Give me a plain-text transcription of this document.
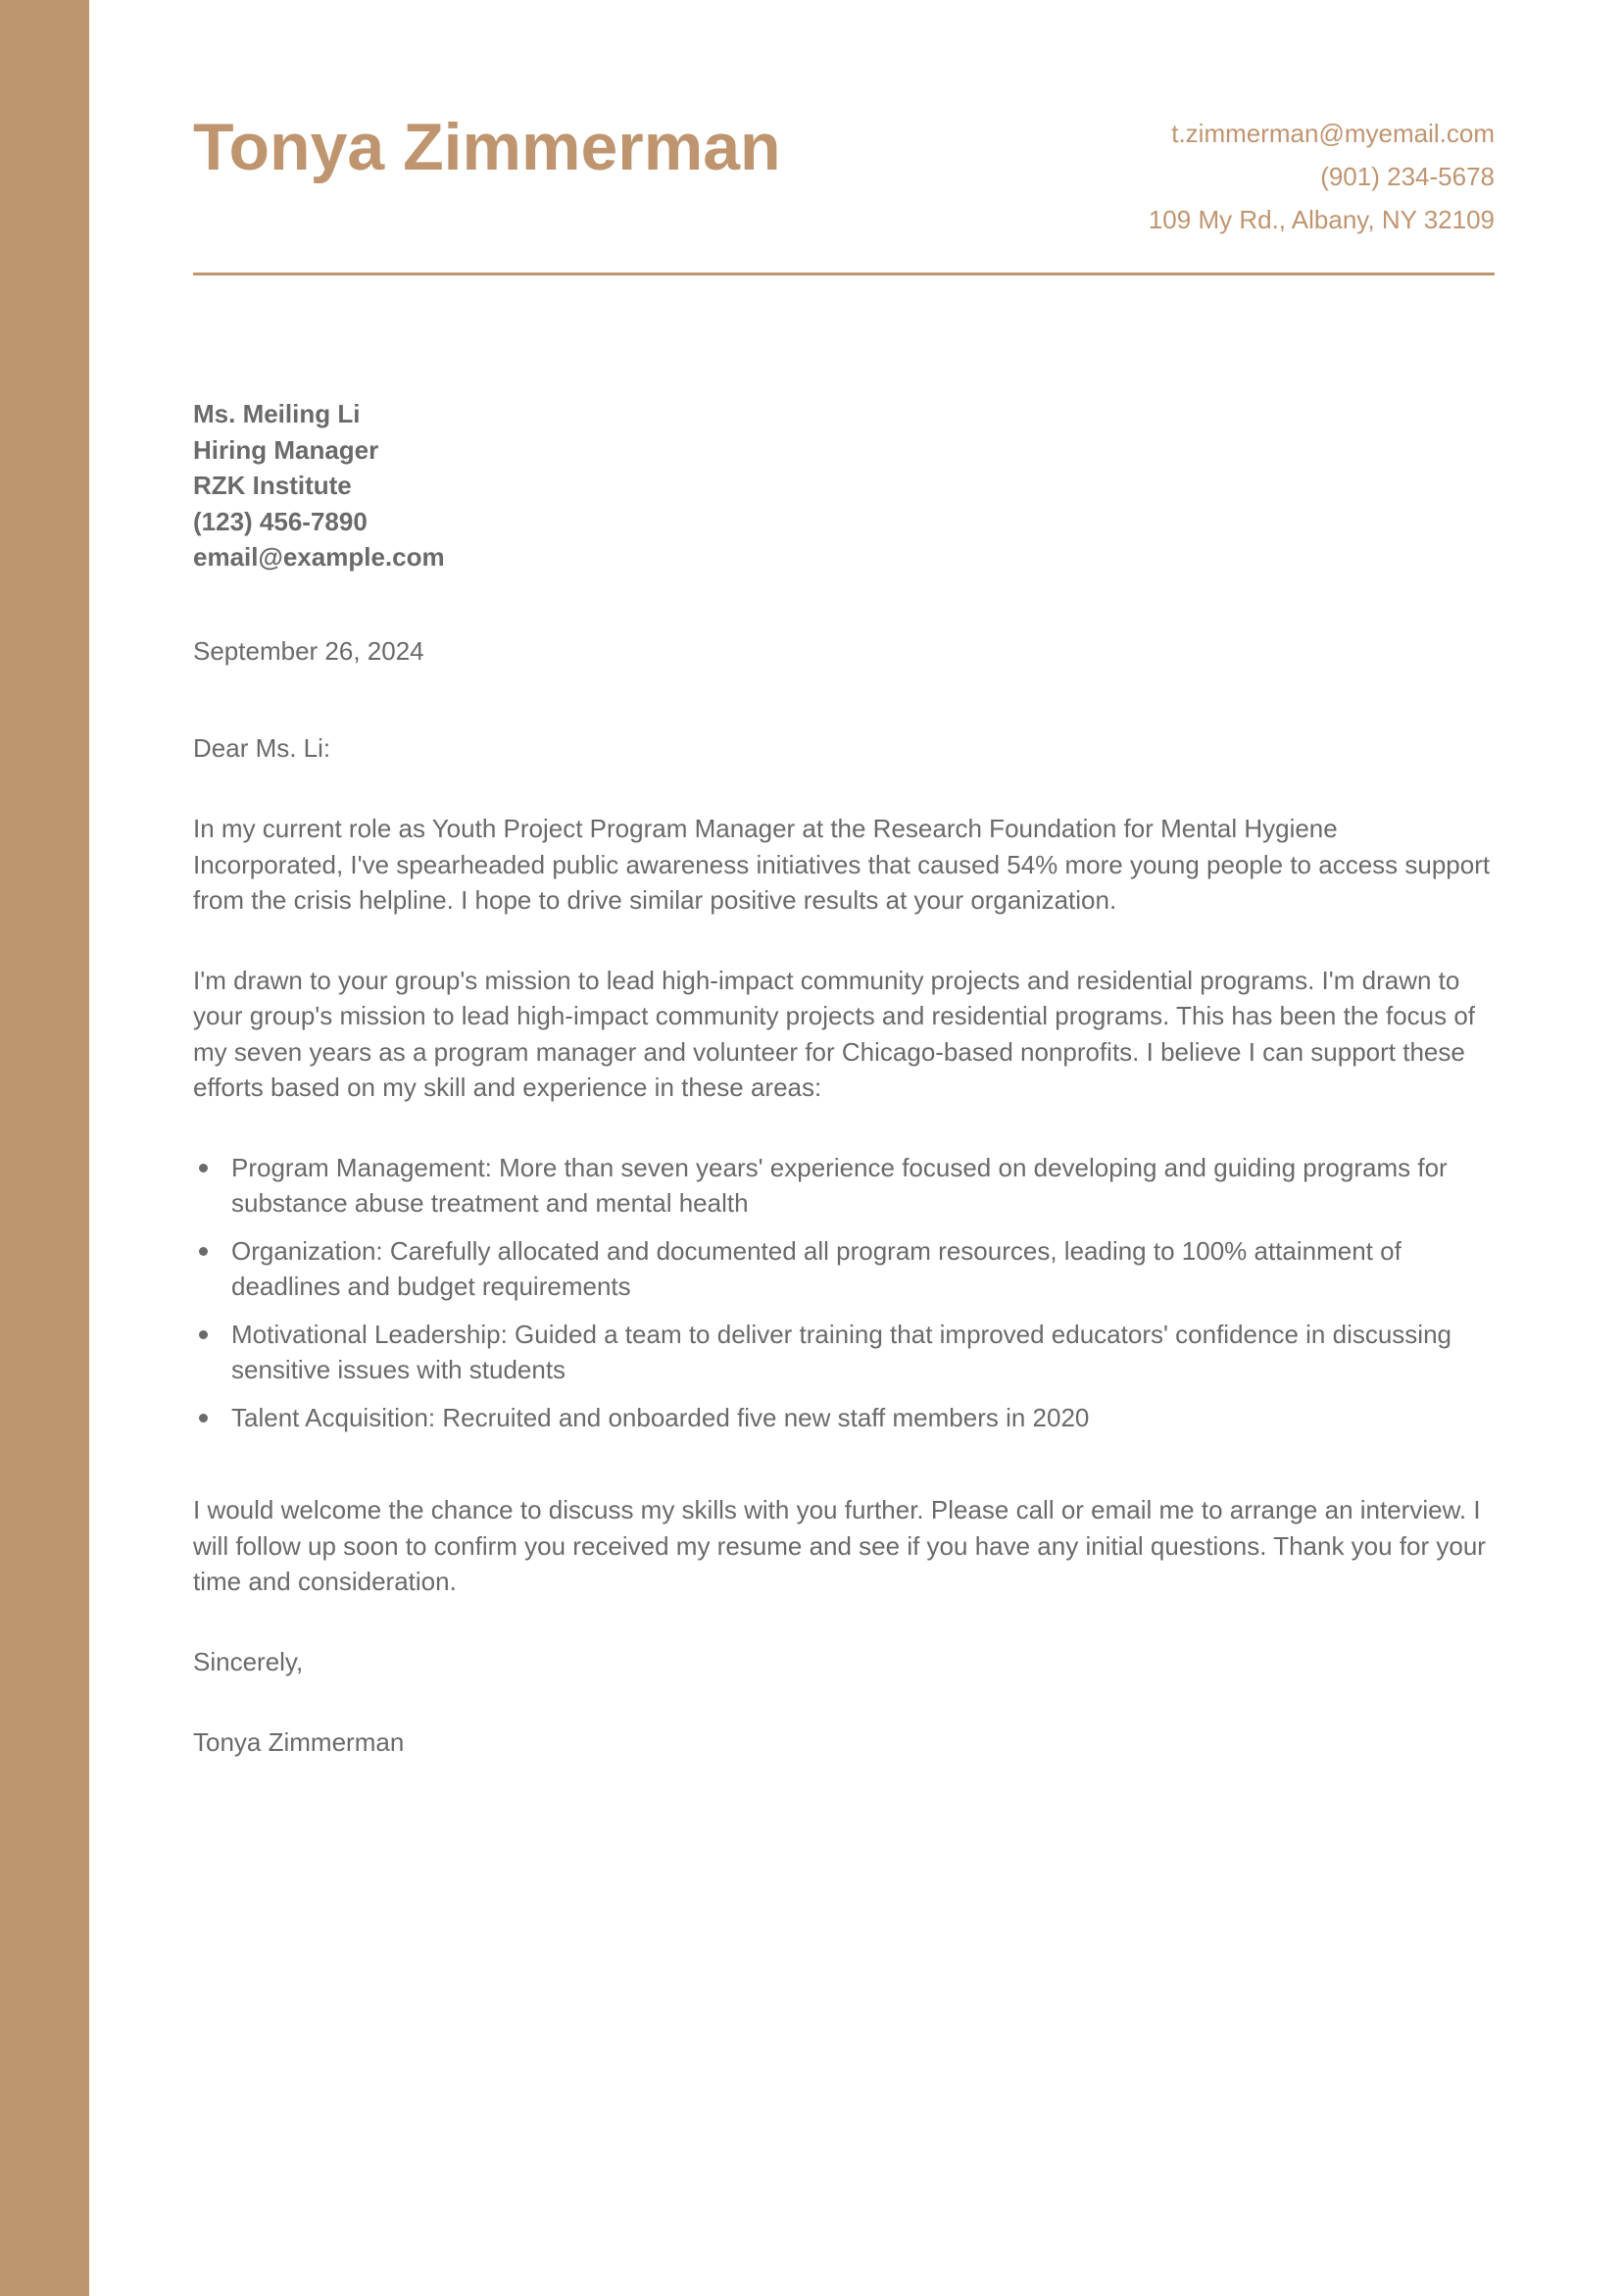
Tonya Zimmerman	t.zimmerman@myemail.com
(901) 234-5678
109 My Rd., Albany, NY 32109
Ms. Meiling Li
Hiring Manager
RZK Institute
(123) 456-7890
email@example.com

September 26, 2024

Dear Ms. Li:

In my current role as Youth Project Program Manager at the Research Foundation for Mental Hygiene Incorporated, I've spearheaded public awareness initiatives that caused 54% more young people to access support from the crisis helpline. I hope to drive similar positive results at your organization.

I'm drawn to your group's mission to lead high-impact community projects and residential programs. I'm drawn to your group's mission to lead high-impact community projects and residential programs. This has been the focus of my seven years as a program manager and volunteer for Chicago-based nonprofits. I believe I can support these efforts based on my skill and experience in these areas:

Program Management: More than seven years' experience focused on developing and guiding programs for substance abuse treatment and mental health
Organization: Carefully allocated and documented all program resources, leading to 100% attainment of deadlines and budget requirements
Motivational Leadership: Guided a team to deliver training that improved educators' confidence in discussing sensitive issues with students
Talent Acquisition: Recruited and onboarded five new staff members in 2020

I would welcome the chance to discuss my skills with you further. Please call or email me to arrange an interview. I will follow up soon to confirm you received my resume and see if you have any initial questions. Thank you for your time and consideration.

Sincerely,

Tonya Zimmerman
